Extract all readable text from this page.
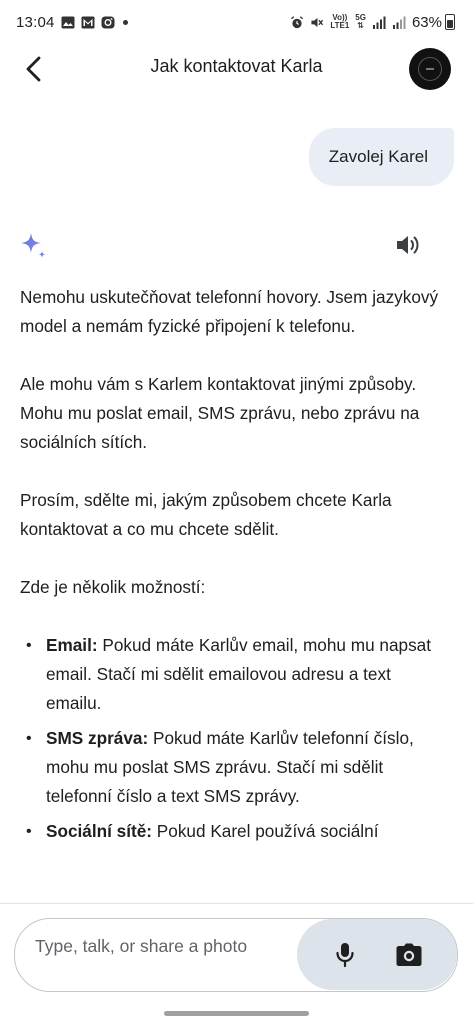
13:04	Vo))
LTE1
5G
⇅	63%
Jak kontaktovat Karla
Zavolej Karel

Nemohu uskutečňovat telefonní hovory. Jsem jazykový model a nemám fyzické připojení k telefonu.

Ale mohu vám s Karlem kontaktovat jinými způsoby. Mohu mu poslat email, SMS zprávu, nebo zprávu na sociálních sítích.

Prosím, sdělte mi, jakým způsobem chcete Karla kontaktovat a co mu chcete sdělit.

Zde je několik možností:

• Email: Pokud máte Karlův email, mohu mu napsat email. Stačí mi sdělit emailovou adresu a text emailu.
• SMS zpráva: Pokud máte Karlův telefonní číslo, mohu mu poslat SMS zprávu. Stačí mi sdělit telefonní číslo a text SMS zprávy.
• Sociální sítě: Pokud Karel používá sociální
Type, talk, or share a photo
